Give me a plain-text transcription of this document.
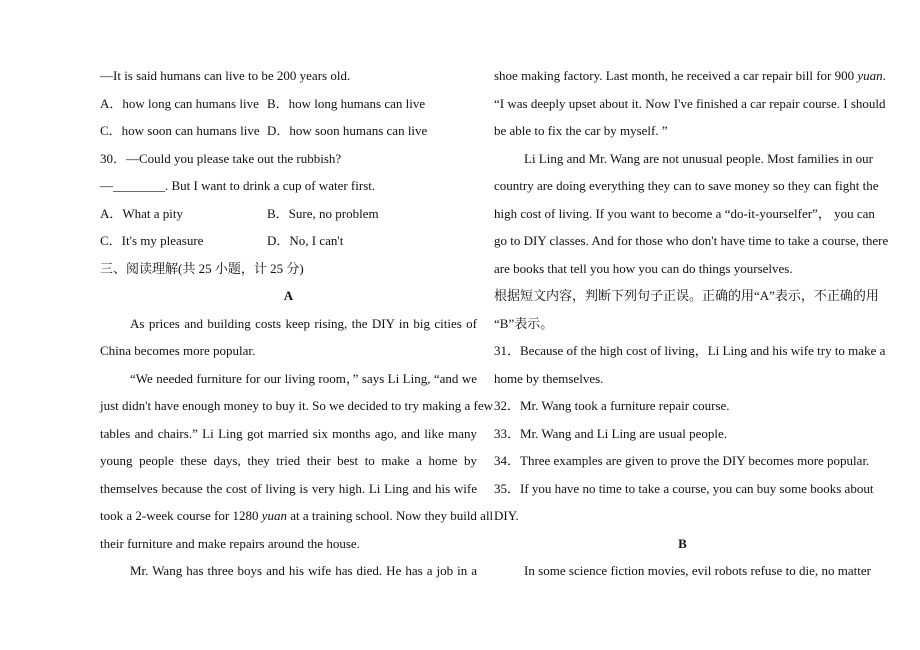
—It is said humans can live to be 200 years old.
A．how long can humans live B．how long humans can live
C．how soon can humans live D．how soon humans can live
30．—Could you please take out the rubbish?
—________. But I want to drink a cup of water first.
A．What a pity	B．Sure, no problem
C．It's my pleasure	D．No, I can't
三、阅读理解(共 25 小题，计 25 分)
A
As prices and building costs keep rising, the DIY in big cities of
China becomes more popular.
“We needed furniture for our living room，” says Li Ling, “and we
just didn't have enough money to buy it. So we decided to try making a few
tables and chairs.” Li Ling got married six months ago, and like many
young people these days, they tried their best to make a home by
themselves because the cost of living is very high. Li Ling and his wife
took a 2-week course for 1280 yuan at a training school. Now they build all
their furniture and make repairs around the house.
Mr. Wang has three boys and his wife has died. He has a job in a
shoe making factory. Last month, he received a car repair bill for 900 yuan.
“I was deeply upset about it. Now I've finished a car repair course. I should
be able to fix the car by myself. ”
Li Ling and Mr. Wang are not unusual people. Most families in our
country are doing everything they can to save money so they can fight the
high cost of living. If you want to become a “do-it-yourselfer”， you can
go to DIY classes. And for those who don't have time to take a course, there
are books that tell you how you can do things yourselves.
根据短文内容，判断下列句子正误。正确的用“A”表示，不正确的用
“B”表示。
31．Because of the high cost of living，Li Ling and his wife try to make a
home by themselves.
32．Mr. Wang took a furniture repair course.
33．Mr. Wang and Li Ling are usual people.
34．Three examples are given to prove the DIY becomes more popular.
35．If you have no time to take a course, you can buy some books about
DIY.
B
In some science fiction movies, evil robots refuse to die, no matter
